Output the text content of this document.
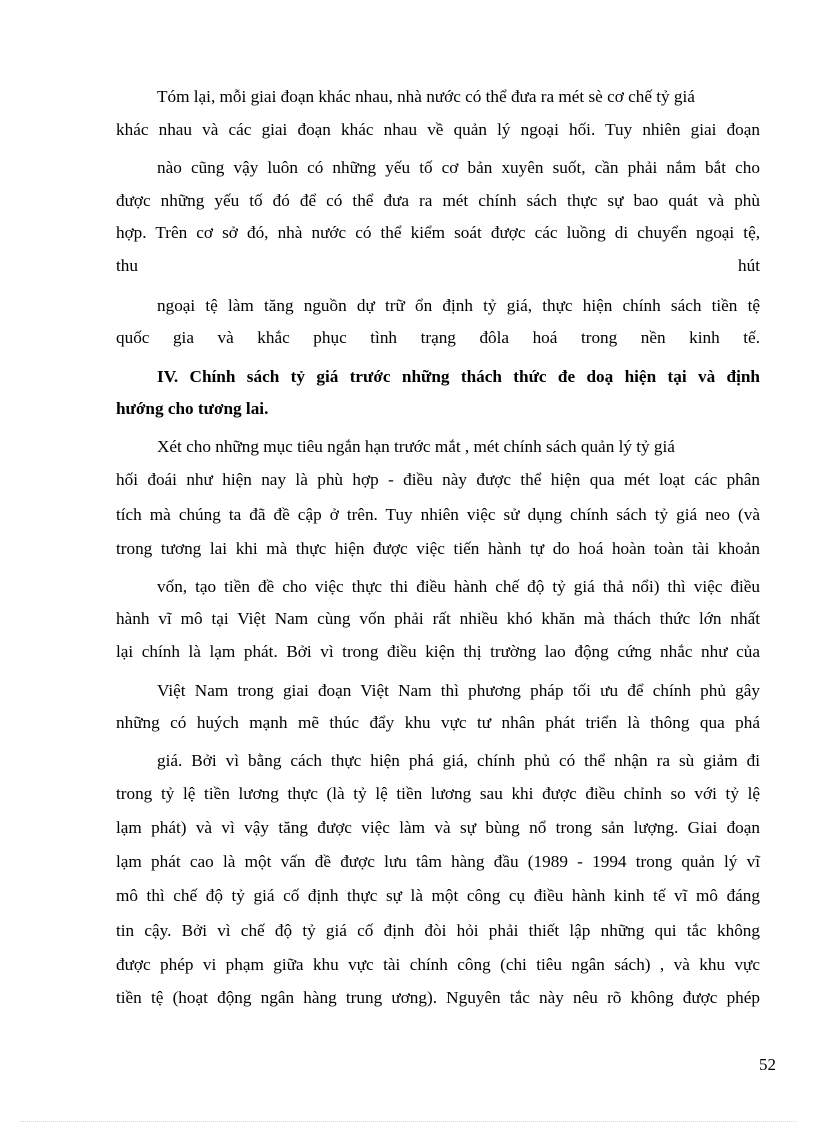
Tóm lại, mỗi giai đoạn khác nhau, nhà nước có thể đưa ra mét sè cơ chế tỷ giá
khác nhau và các giai đoạn khác nhau về quản lý ngoại hối. Tuy nhiên giai đoạn
nào cũng vậy luôn có những yếu tố cơ bản xuyên suốt, cần phải nắm bắt cho
được những yếu tố đó để có thể đưa ra mét chính sách thực sự bao quát và phù
hợp. Trên cơ sở đó, nhà nước có thể kiểm soát được các luồng di chuyển ngoại tệ,
thu	hút
ngoại tệ làm tăng nguồn dự trữ ổn định tỷ giá, thực hiện chính sách tiền tệ
quốc gia và khắc phục tình trạng đôla hoá trong nền kinh tế.
IV. Chính sách tỷ giá trước những thách thức đe doạ hiện tại và định
hướng cho tương lai.
Xét cho những mục tiêu ngắn hạn trước mắt , mét chính sách quản lý tỷ giá
hối đoái như hiện nay là phù hợp - điều này được thể hiện qua mét loạt các phân
tích mà chúng ta đã đề cập ở trên. Tuy nhiên việc sử dụng chính sách tỷ giá neo (và
trong tương lai khi mà thực hiện được việc tiến hành tự do hoá hoàn toàn tài khoản
vốn, tạo tiền đề cho việc thực thi điều hành chế độ tỷ giá thả nổi) thì việc điều
hành vĩ mô tại Việt Nam cùng vốn phải rất nhiều khó khăn mà thách thức lớn nhất
lại chính là lạm phát. Bởi vì trong điều kiện thị trường lao động cứng nhắc như của
Việt Nam trong giai đoạn Việt Nam thì phương pháp tối ưu để chính phủ gây
những có huých mạnh mẽ thúc đẩy khu vực tư nhân phát triển là thông qua phá
giá. Bởi vì bằng cách thực hiện phá giá, chính phủ có thể nhận ra sù giảm đi
trong tỷ lệ tiền lương thực (là tỷ lệ tiền lương sau khi được điều chỉnh so với tỷ lệ
lạm phát) và vì vậy tăng được việc làm và sự bùng nổ trong sản lượng. Giai đoạn
lạm phát cao là một vấn đề được lưu tâm hàng đầu (1989 - 1994 trong quản lý vĩ
mô thì chế độ tỷ giá cố định thực sự là một công cụ điều hành kinh tế vĩ mô đáng
tin cậy. Bởi vì chế độ tỷ giá cố định đòi hỏi phải thiết lập những qui tắc không
được phép vi phạm giữa khu vực tài chính công (chi tiêu ngân sách) , và khu vực
tiền tệ (hoạt động ngân hàng trung ương). Nguyên tắc này nêu rõ không được phép
52
